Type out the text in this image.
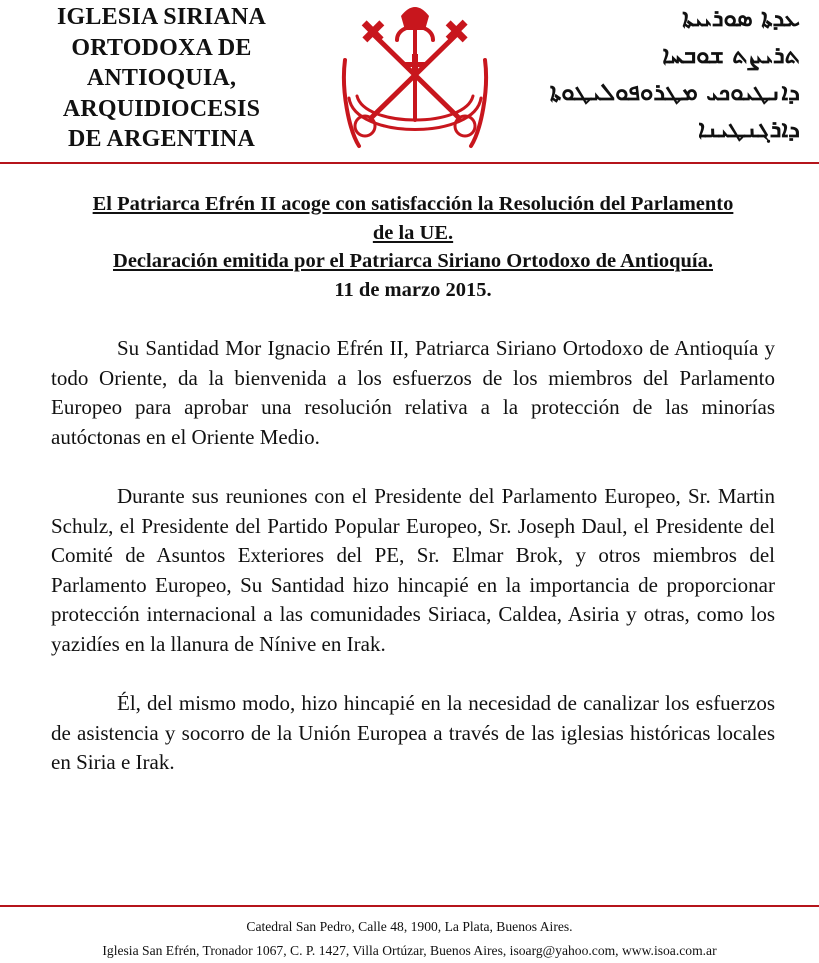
IGLESIA SIRIANA
ORTODOXA DE
ANTIOQUIA,
ARQUIDIOCESIS
DE ARGENTINA
ܥܕܬܐ ܣܘܪܝܝܬܐ
ܬܪܝܨܬ ܫܘܒܚܐ
ܕܐܢܛܝܘܟܝ ܡܛܪܘܦܘܠܝܛܘܬܐ
ܕܐܪܓܢܛܝܢܐ
El Patriarca Efrén II acoge con satisfacción la Resolución del Parlamento
de la UE.
Declaración emitida por el Patriarca Siriano Ortodoxo de Antioquía.
11 de marzo 2015.

Su Santidad Mor Ignacio Efrén II, Patriarca Siriano Ortodoxo de Antioquía y todo Oriente, da la bienvenida a los esfuerzos de los miembros del Parlamento Europeo para aprobar una resolución relativa a la protección de las minorías autóctonas en el Oriente Medio.

Durante sus reuniones con el Presidente del Parlamento Europeo, Sr. Martin Schulz, el Presidente del Partido Popular Europeo, Sr. Joseph Daul, el Presidente del Comité de Asuntos Exteriores del PE, Sr. Elmar Brok, y otros miembros del Parlamento Europeo, Su Santidad hizo hincapié en la importancia de proporcionar protección internacional a las comunidades Siriaca, Caldea, Asiria y otras, como los yazidíes en la llanura de Nínive en Irak.

Él, del mismo modo, hizo hincapié en la necesidad de canalizar los esfuerzos de asistencia y socorro de la Unión Europea a través de las iglesias históricas locales en Siria e Irak.

Catedral San Pedro, Calle 48, 1900, La Plata, Buenos Aires.
Iglesia San Efrén, Tronador 1067, C. P. 1427, Villa Ortúzar, Buenos Aires, isoarg@yahoo.com, www.isoa.com.ar
